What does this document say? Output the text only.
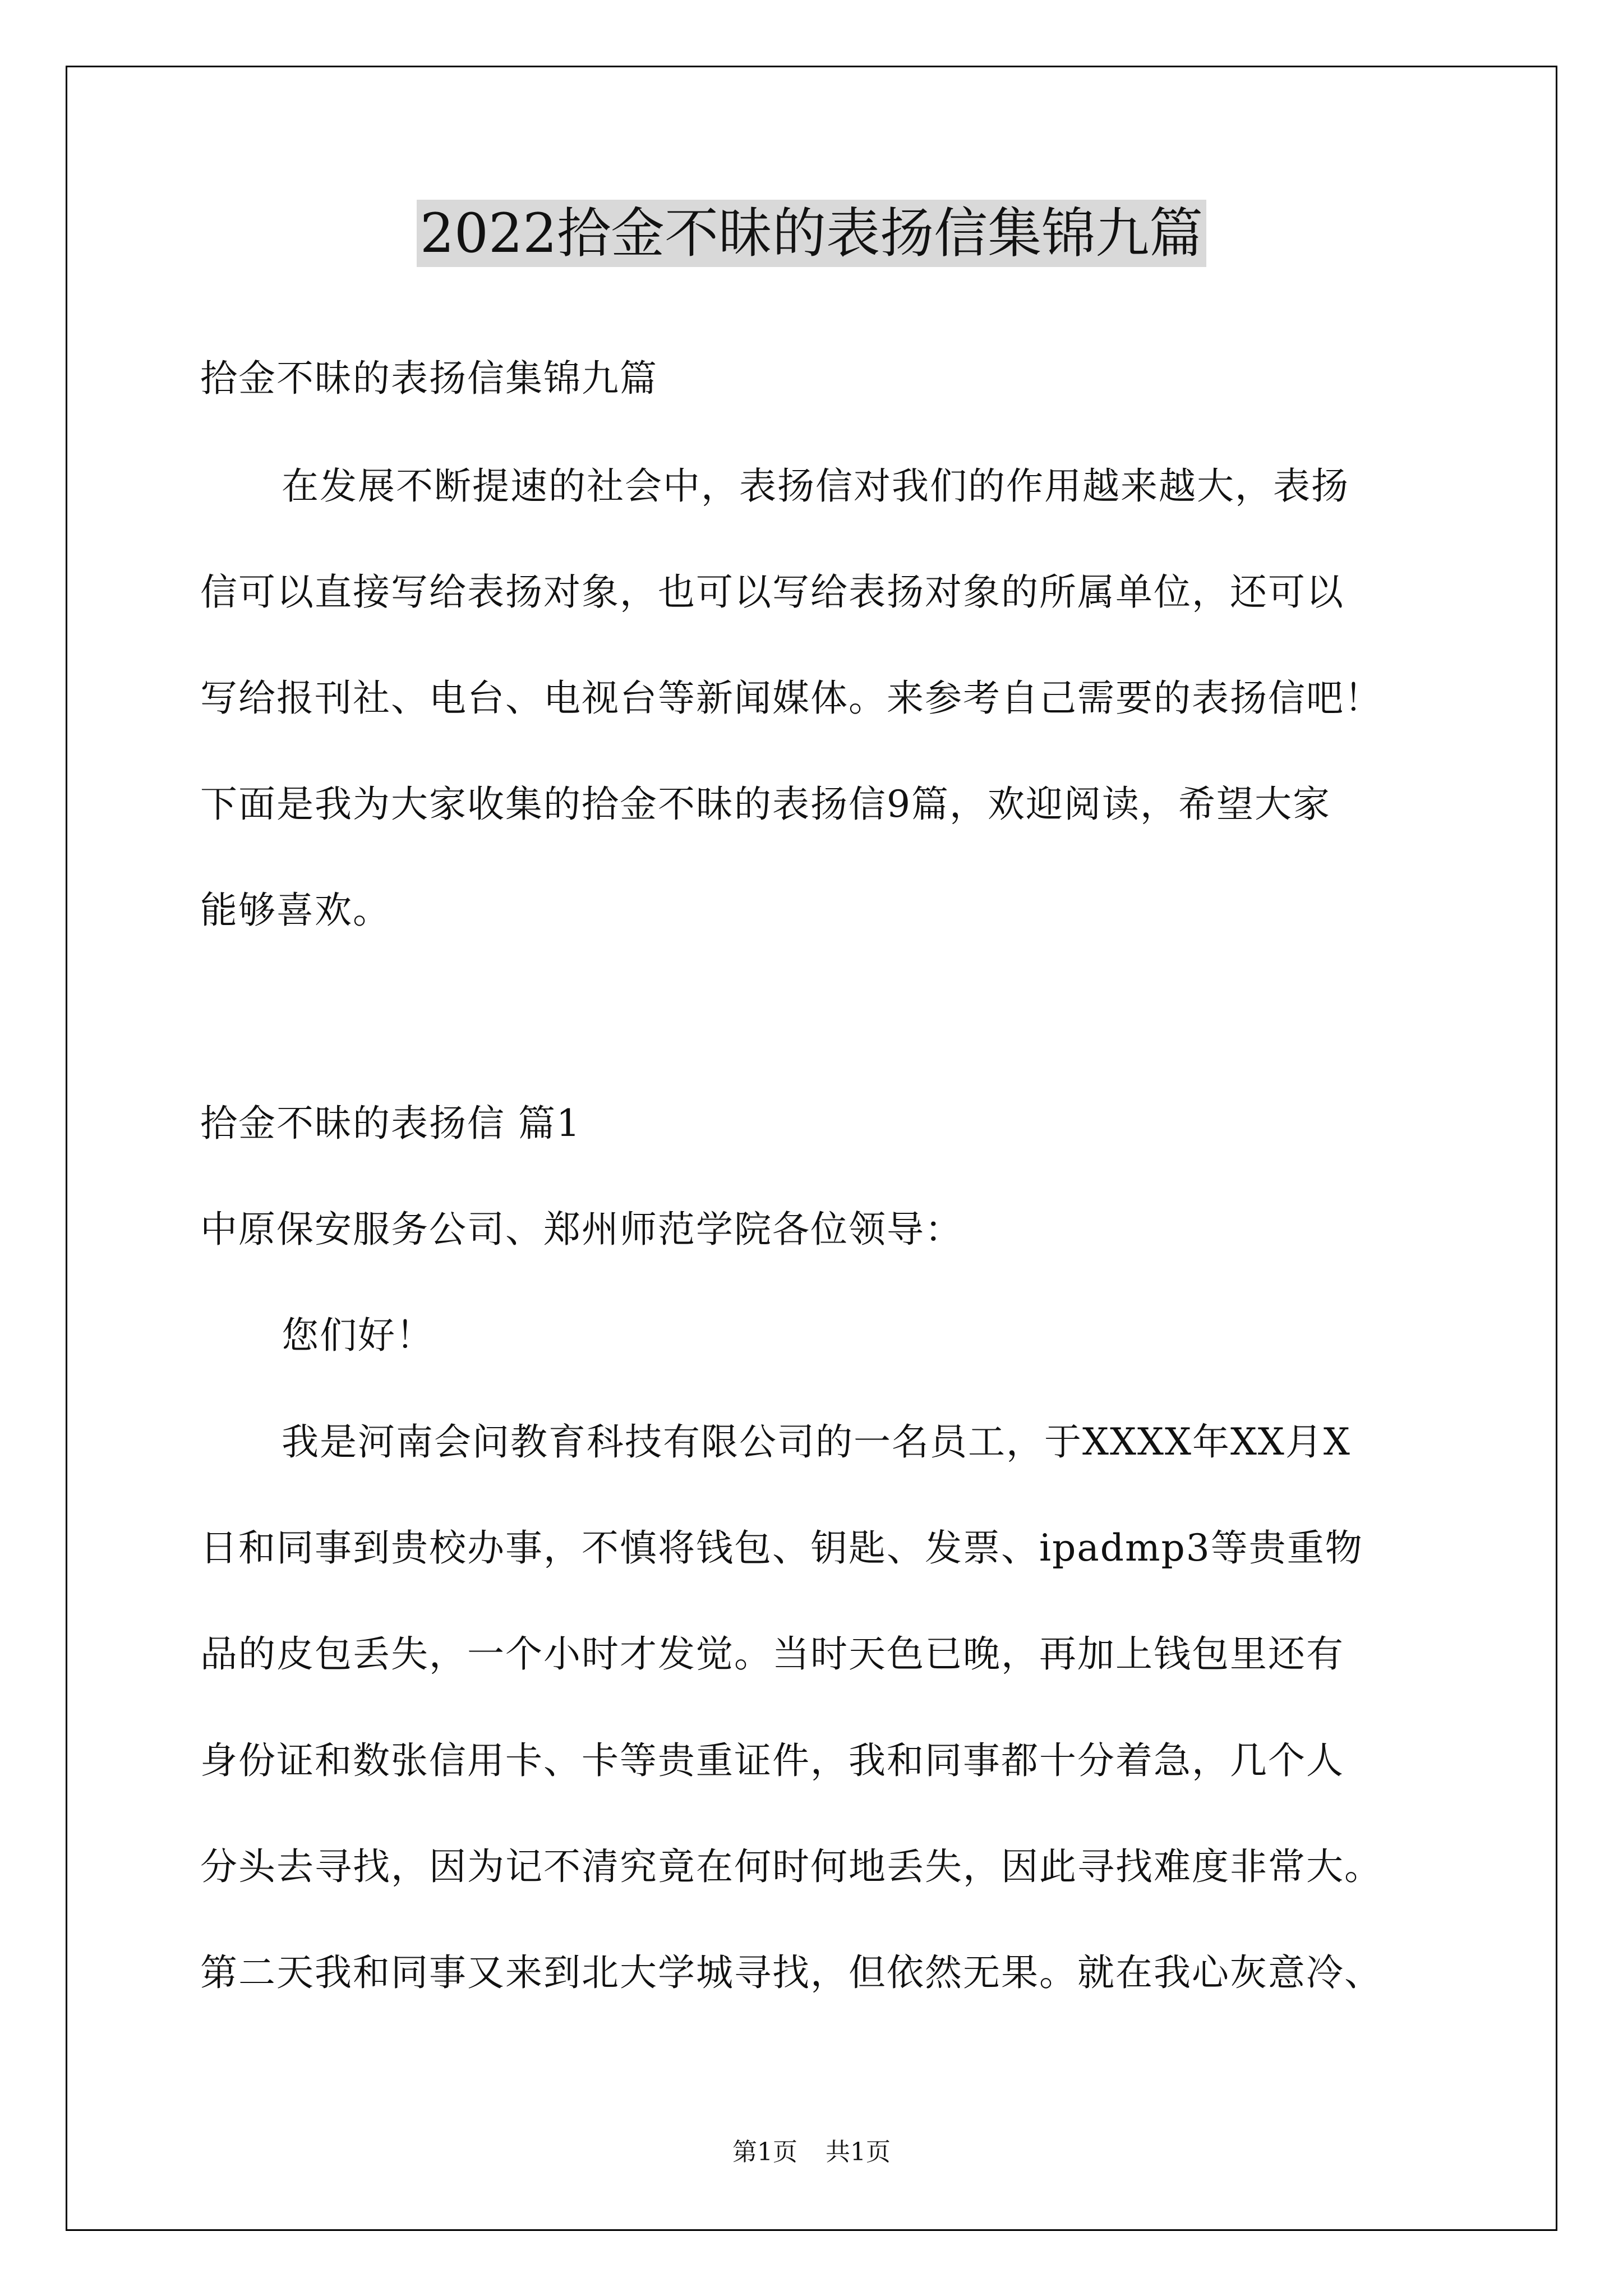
2022拾金不昧的表扬信集锦九篇
拾金不昧的表扬信集锦九篇
在发展不断提速的社会中，表扬信对我们的作用越来越大，表扬
信可以直接写给表扬对象，也可以写给表扬对象的所属单位，还可以
写给报刊社、电台、电视台等新闻媒体。来参考自己需要的表扬信吧！
下面是我为大家收集的拾金不昧的表扬信9篇，欢迎阅读，希望大家
能够喜欢。
拾金不昧的表扬信 篇1
中原保安服务公司、郑州师范学院各位领导：
您们好！
我是河南会问教育科技有限公司的一名员工，于XXXX年XX月X
日和同事到贵校办事，不慎将钱包、钥匙、发票、ipadmp3等贵重物
品的皮包丢失，一个小时才发觉。当时天色已晚，再加上钱包里还有
身份证和数张信用卡、卡等贵重证件，我和同事都十分着急，几个人
分头去寻找，因为记不清究竟在何时何地丢失，因此寻找难度非常大。
第二天我和同事又来到北大学城寻找，但依然无果。就在我心灰意冷、
第1页 共1页
